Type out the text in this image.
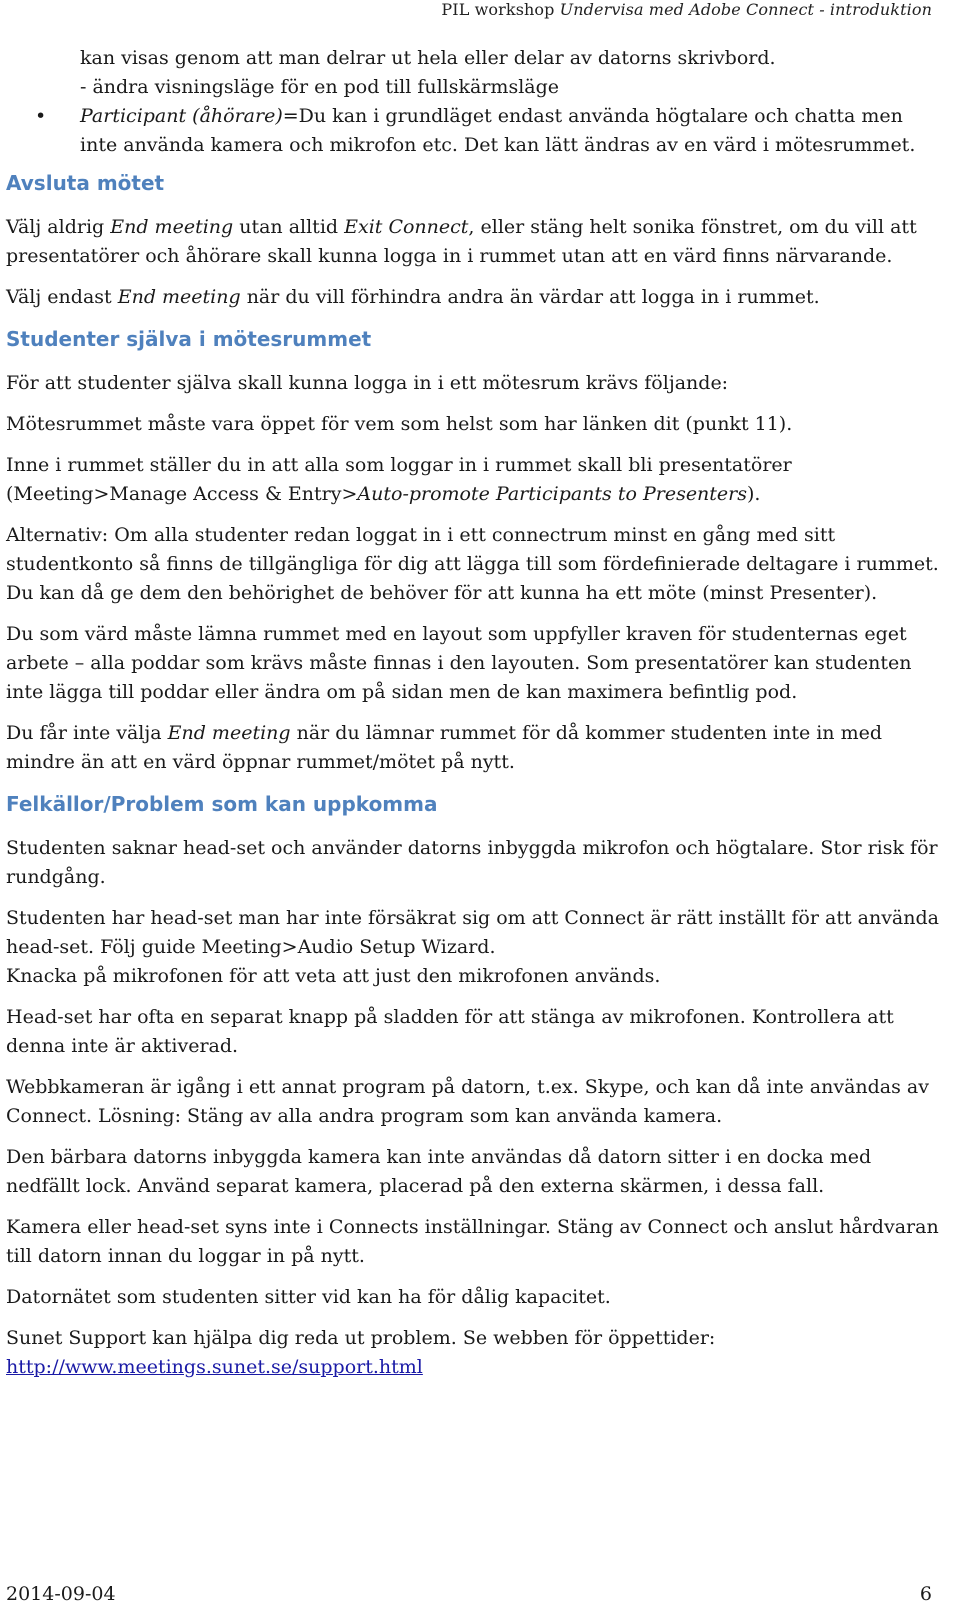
PIL workshop Undervisa med Adobe Connect - introduktion
kan visas genom att man delrar ut hela eller delar av datorns skrivbord.
- ändra visningsläge för en pod till fullskärmsläge
• Participant (åhörare)=Du kan i grundläget endast använda högtalare och chatta men inte använda kamera och mikrofon etc. Det kan lätt ändras av en värd i mötesrummet.
Avsluta mötet

Välj aldrig End meeting utan alltid Exit Connect, eller stäng helt sonika fönstret, om du vill att presentatörer och åhörare skall kunna logga in i rummet utan att en värd finns närvarande.

Välj endast End meeting när du vill förhindra andra än värdar att logga in i rummet.

Studenter själva i mötesrummet

För att studenter själva skall kunna logga in i ett mötesrum krävs följande:

Mötesrummet måste vara öppet för vem som helst som har länken dit (punkt 11).

Inne i rummet ställer du in att alla som loggar in i rummet skall bli presentatörer (Meeting>Manage Access & Entry>Auto-promote Participants to Presenters).

Alternativ: Om alla studenter redan loggat in i ett connectrum minst en gång med sitt studentkonto så finns de tillgängliga för dig att lägga till som fördefinierade deltagare i rummet. Du kan då ge dem den behörighet de behöver för att kunna ha ett möte (minst Presenter).

Du som värd måste lämna rummet med en layout som uppfyller kraven för studenternas eget arbete – alla poddar som krävs måste finnas i den layouten. Som presentatörer kan studenten inte lägga till poddar eller ändra om på sidan men de kan maximera befintlig pod.

Du får inte välja End meeting när du lämnar rummet för då kommer studenten inte in med mindre än att en värd öppnar rummet/mötet på nytt.

Felkällor/Problem som kan uppkomma

Studenten saknar head-set och använder datorns inbyggda mikrofon och högtalare. Stor risk för rundgång.

Studenten har head-set man har inte försäkrat sig om att Connect är rätt inställt för att använda head-set. Följ guide Meeting>Audio Setup Wizard.

Knacka på mikrofonen för att veta att just den mikrofonen används.

Head-set har ofta en separat knapp på sladden för att stänga av mikrofonen. Kontrollera att denna inte är aktiverad.

Webbkameran är igång i ett annat program på datorn, t.ex. Skype, och kan då inte användas av Connect. Lösning: Stäng av alla andra program som kan använda kamera.

Den bärbara datorns inbyggda kamera kan inte användas då datorn sitter i en docka med nedfällt lock. Använd separat kamera, placerad på den externa skärmen, i dessa fall.

Kamera eller head-set syns inte i Connects inställningar. Stäng av Connect och anslut hårdvaran till datorn innan du loggar in på nytt.

Datornätet som studenten sitter vid kan ha för dålig kapacitet.

Sunet Support kan hjälpa dig reda ut problem. Se webben för öppettider:
http://www.meetings.sunet.se/support.html

2014-09-04	6
